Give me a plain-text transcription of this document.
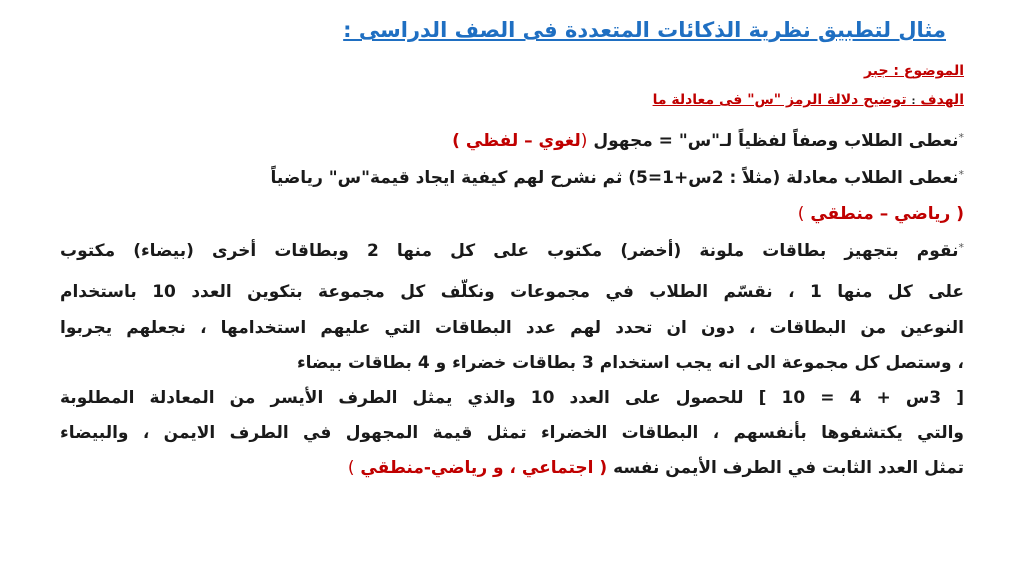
مثال لتطبيق نظرية الذكائات المتعددة فى الصف الدراسى :
الموضوع : جبر
الهدف : توضيح دلالة الرمز "س" فى معادلة ما
*نعطى الطلاب وصفاً لفظياً لـ"س" = مجهول (لغوي – لفظي )
*نعطى الطلاب معادلة (مثلاً : 2س+1=5) ثم نشرح لهم كيفية ايجاد قيمة"س" رياضياً
( رياضي – منطقي )
*نقوم بتجهيز بطاقات ملونة (أخضر) مكتوب على كل منها 2 وبطاقات أخرى (بيضاء) مكتوب
على كل منها 1 ، نقسّم الطلاب في مجموعات ونكلّف كل مجموعة بتكوين العدد 10 باستخدام
النوعين من البطاقات ، دون ان تحدد لهم عدد البطاقات التي عليهم استخدامها ، نجعلهم يجربوا
، وستصل كل مجموعة الى انه يجب استخدام 3 بطاقات خضراء و 4 بطاقات بيضاء
[ 3س + 4 = 10 ] للحصول على العدد 10 والذي يمثل الطرف الأيسر من المعادلة المطلوبة
والتي يكتشفوها بأنفسهم ، البطاقات الخضراء تمثل قيمة المجهول في الطرف الايمن ، والبيضاء
تمثل العدد الثابت في الطرف الأيمن نفسه ( اجتماعي ، و رياضي-منطقي )
